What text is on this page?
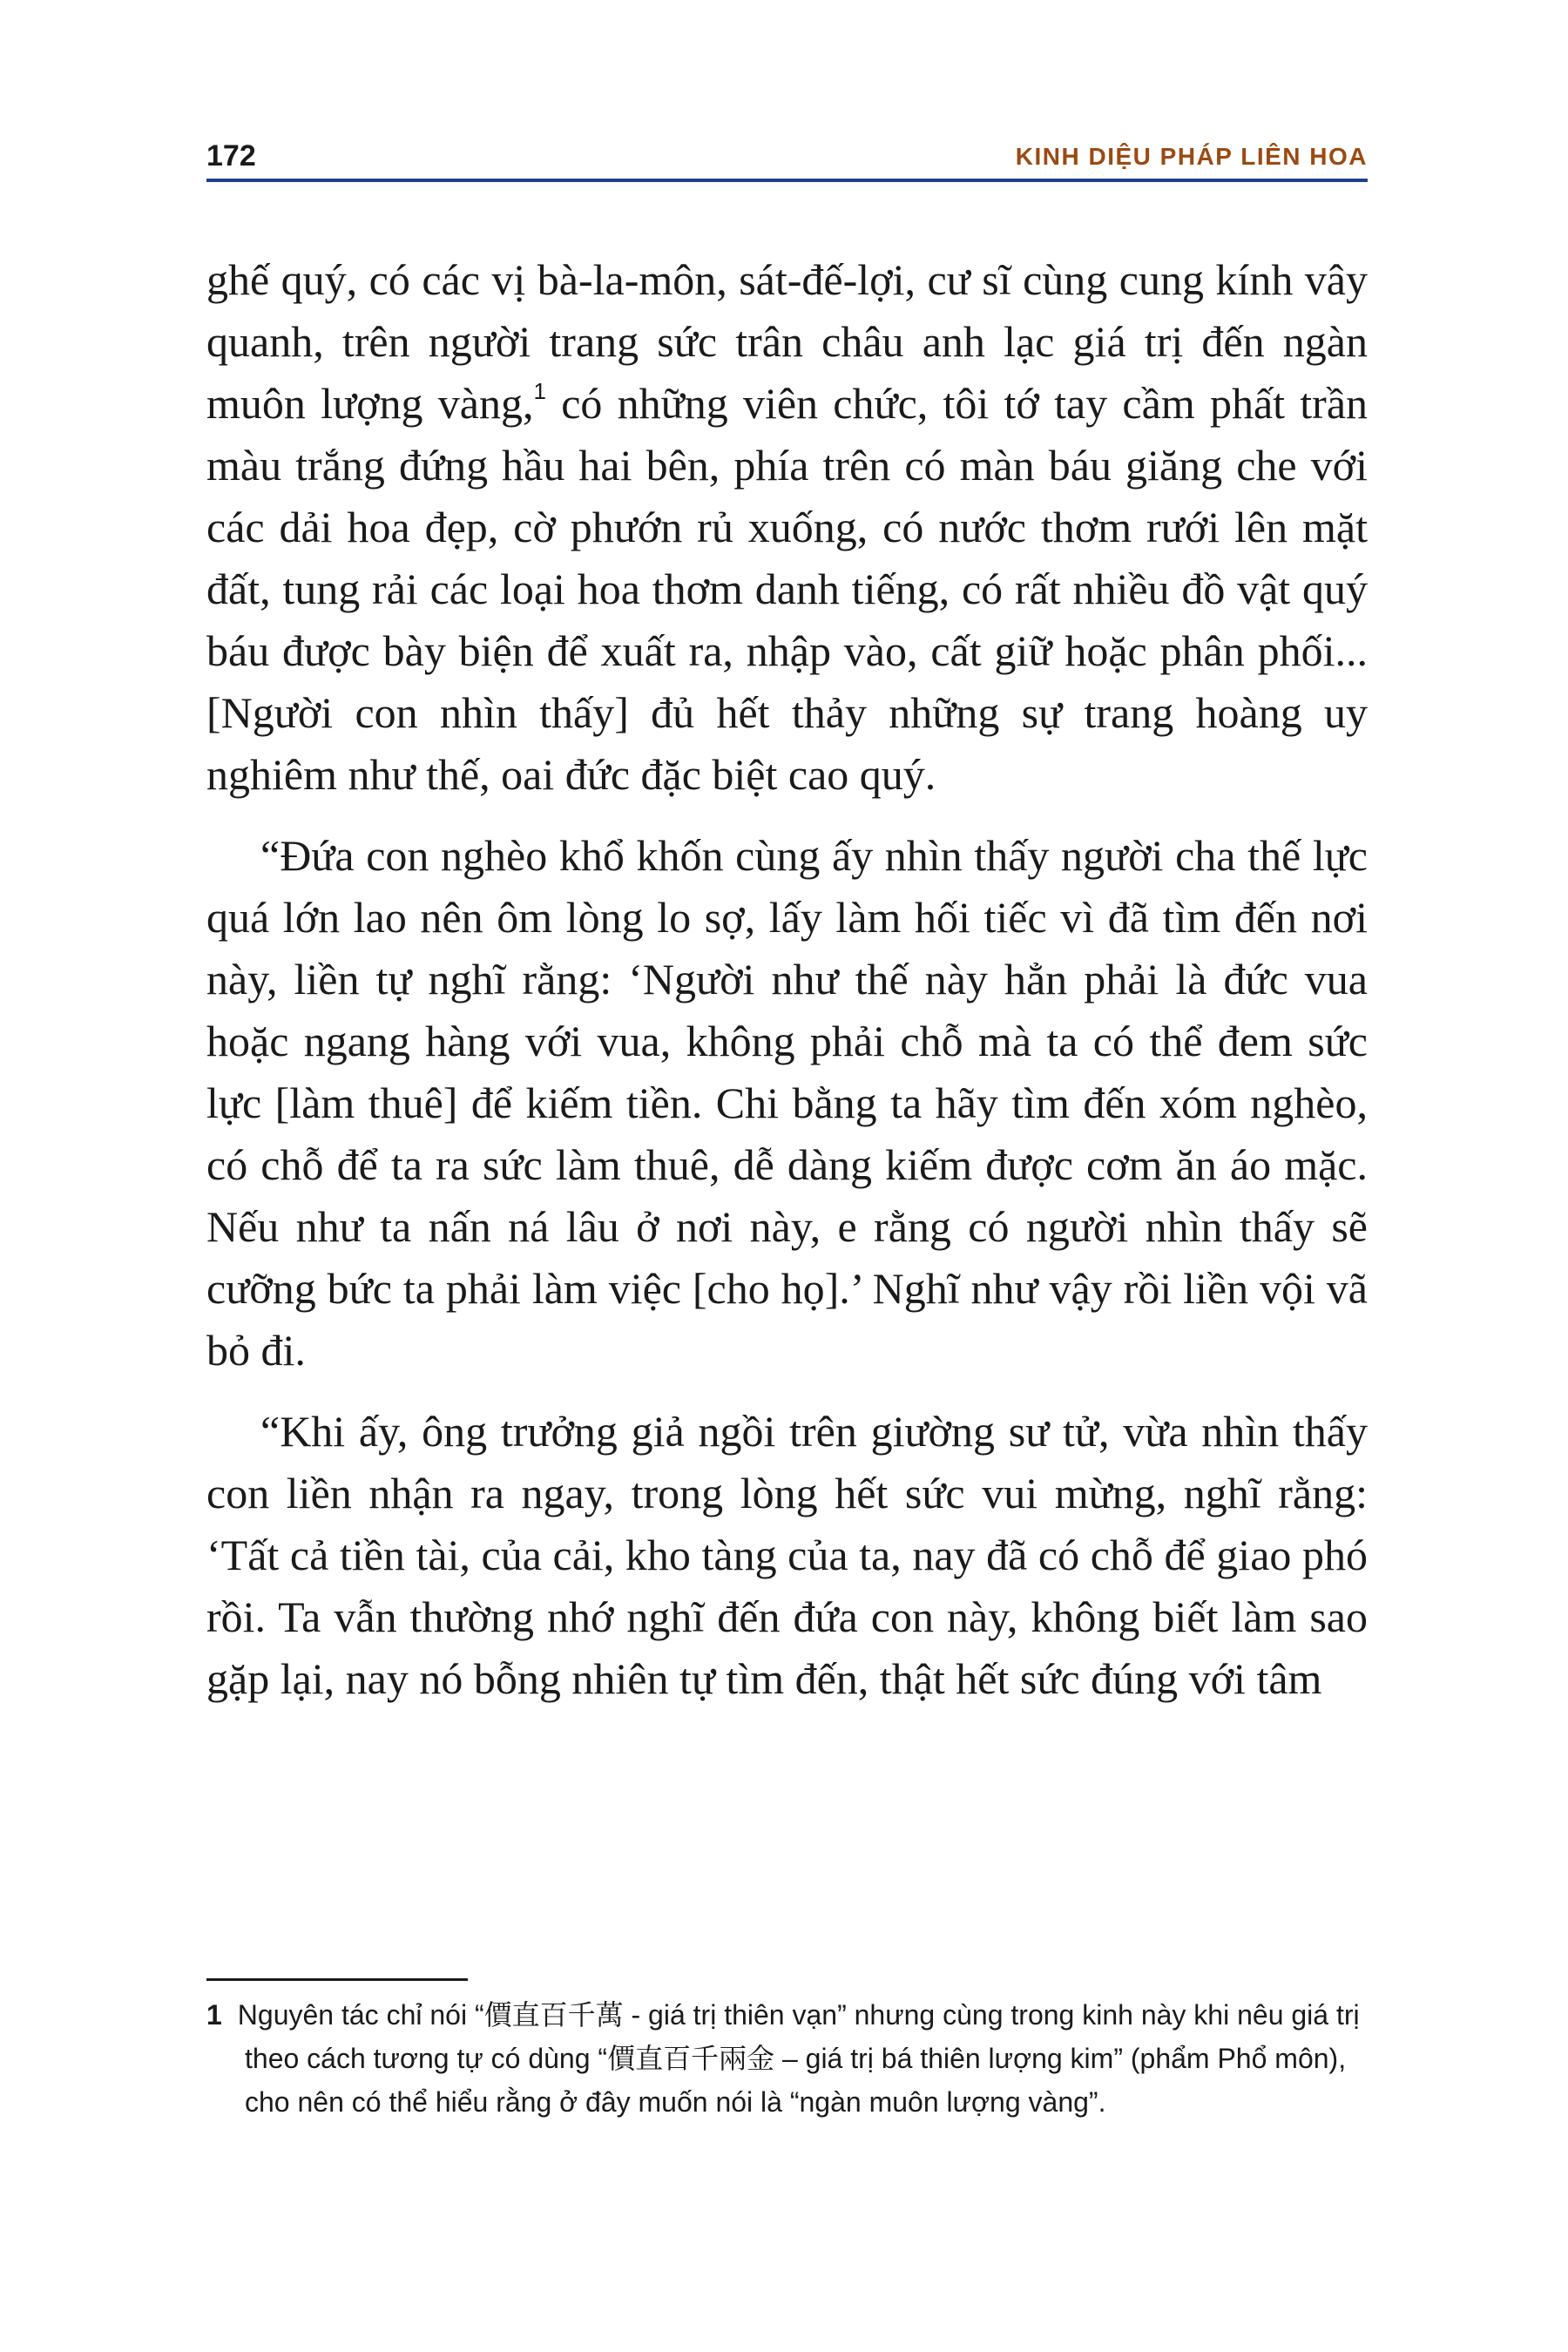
172	KINH DIỆU PHÁP LIÊN HOA

ghế quý, có các vị bà-la-môn, sát-đế-lợi, cư sĩ cùng cung kính vây quanh, trên người trang sức trân châu anh lạc giá trị đến ngàn muôn lượng vàng,$^1$ có những viên chức, tôi tớ tay cầm phất trần màu trắng đứng hầu hai bên, phía trên có màn báu giăng che với các dải hoa đẹp, cờ phướn rủ xuống, có nước thơm rưới lên mặt đất, tung rải các loại hoa thơm danh tiếng, có rất nhiều đồ vật quý báu được bày biện để xuất ra, nhập vào, cất giữ hoặc phân phối... [Người con nhìn thấy] đủ hết thảy những sự trang hoàng uy nghiêm như thế, oai đức đặc biệt cao quý.

“Đứa con nghèo khổ khốn cùng ấy nhìn thấy người cha thế lực quá lớn lao nên ôm lòng lo sợ, lấy làm hối tiếc vì đã tìm đến nơi này, liền tự nghĩ rằng: ‘Người như thế này hẳn phải là đức vua hoặc ngang hàng với vua, không phải chỗ mà ta có thể đem sức lực [làm thuê] để kiếm tiền. Chi bằng ta hãy tìm đến xóm nghèo, có chỗ để ta ra sức làm thuê, dễ dàng kiếm được cơm ăn áo mặc. Nếu như ta nấn ná lâu ở nơi này, e rằng có người nhìn thấy sẽ cưỡng bức ta phải làm việc [cho họ].’ Nghĩ như vậy rồi liền vội vã bỏ đi.

“Khi ấy, ông trưởng giả ngồi trên giường sư tử, vừa nhìn thấy con liền nhận ra ngay, trong lòng hết sức vui mừng, nghĩ rằng: ‘Tất cả tiền tài, của cải, kho tàng của ta, nay đã có chỗ để giao phó rồi. Ta vẫn thường nhớ nghĩ đến đứa con này, không biết làm sao gặp lại, nay nó bỗng nhiên tự tìm đến, thật hết sức đúng với tâm

1 Nguyên tác chỉ nói “價直百千萬 - giá trị thiên vạn” nhưng cùng trong kinh này khi nêu giá trị theo cách tương tự có dùng “價直百千兩金 – giá trị bá thiên lượng kim” (phẩm Phổ môn), cho nên có thể hiểu rằng ở đây muốn nói là “ngàn muôn lượng vàng”.
